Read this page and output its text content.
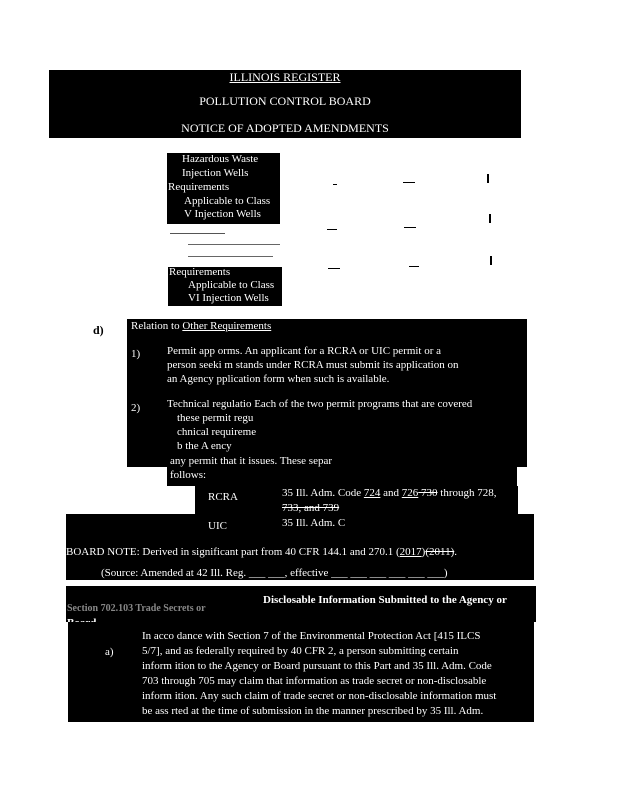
ILLINOIS REGISTER
POLLUTION CONTROL BOARD
NOTICE OF ADOPTED AMENDMENTS
Hazardous Waste
Injection Wells
Requirements
Applicable to Class
V Injection Wells
Requirements
Applicable to Class
VI Injection Wells
d) Relation to Other Requirements
1) Permit app orms. An applicant for a RCRA or UIC permit or a
person seeki m stands under RCRA must submit its application on
an Agency pplication form when such is available.
2) Technical regulatio Each of the two permit programs that are covered
these permit regu
chnical requireme
b the A ency
any permit that it issues. These separ
follows:
RCRA	35 Ill. Adm. Code 724 and 726 730 through 728,
733, and 739
UIC	35 Ill. Adm. C
BOARD NOTE: Derived in significant part from 40 CFR 144.1 and 270.1 (2017)(2011).
(Source: Amended at 42 Ill. Reg. ___ ___, effective ___ ___ ___ ___ ___ ___)
Section 702.103 Trade Secrets or
Disclosable Information Submitted to the Agency or
a)
In acco dance with Section 7 of the Environmental Protection Act [415 ILCS
5/7], and as federally required by 40 CFR 2, a person submitting certain
inform ition to the Agency or Board pursuant to this Part and 35 Ill. Adm. Code
703 through 705 may claim that information as trade secret or non-disclosable
inform ition. Any such claim of trade secret or non-disclosable information must
be ass rted at the time of submission in the manner prescribed by 35 Ill. Adm.
